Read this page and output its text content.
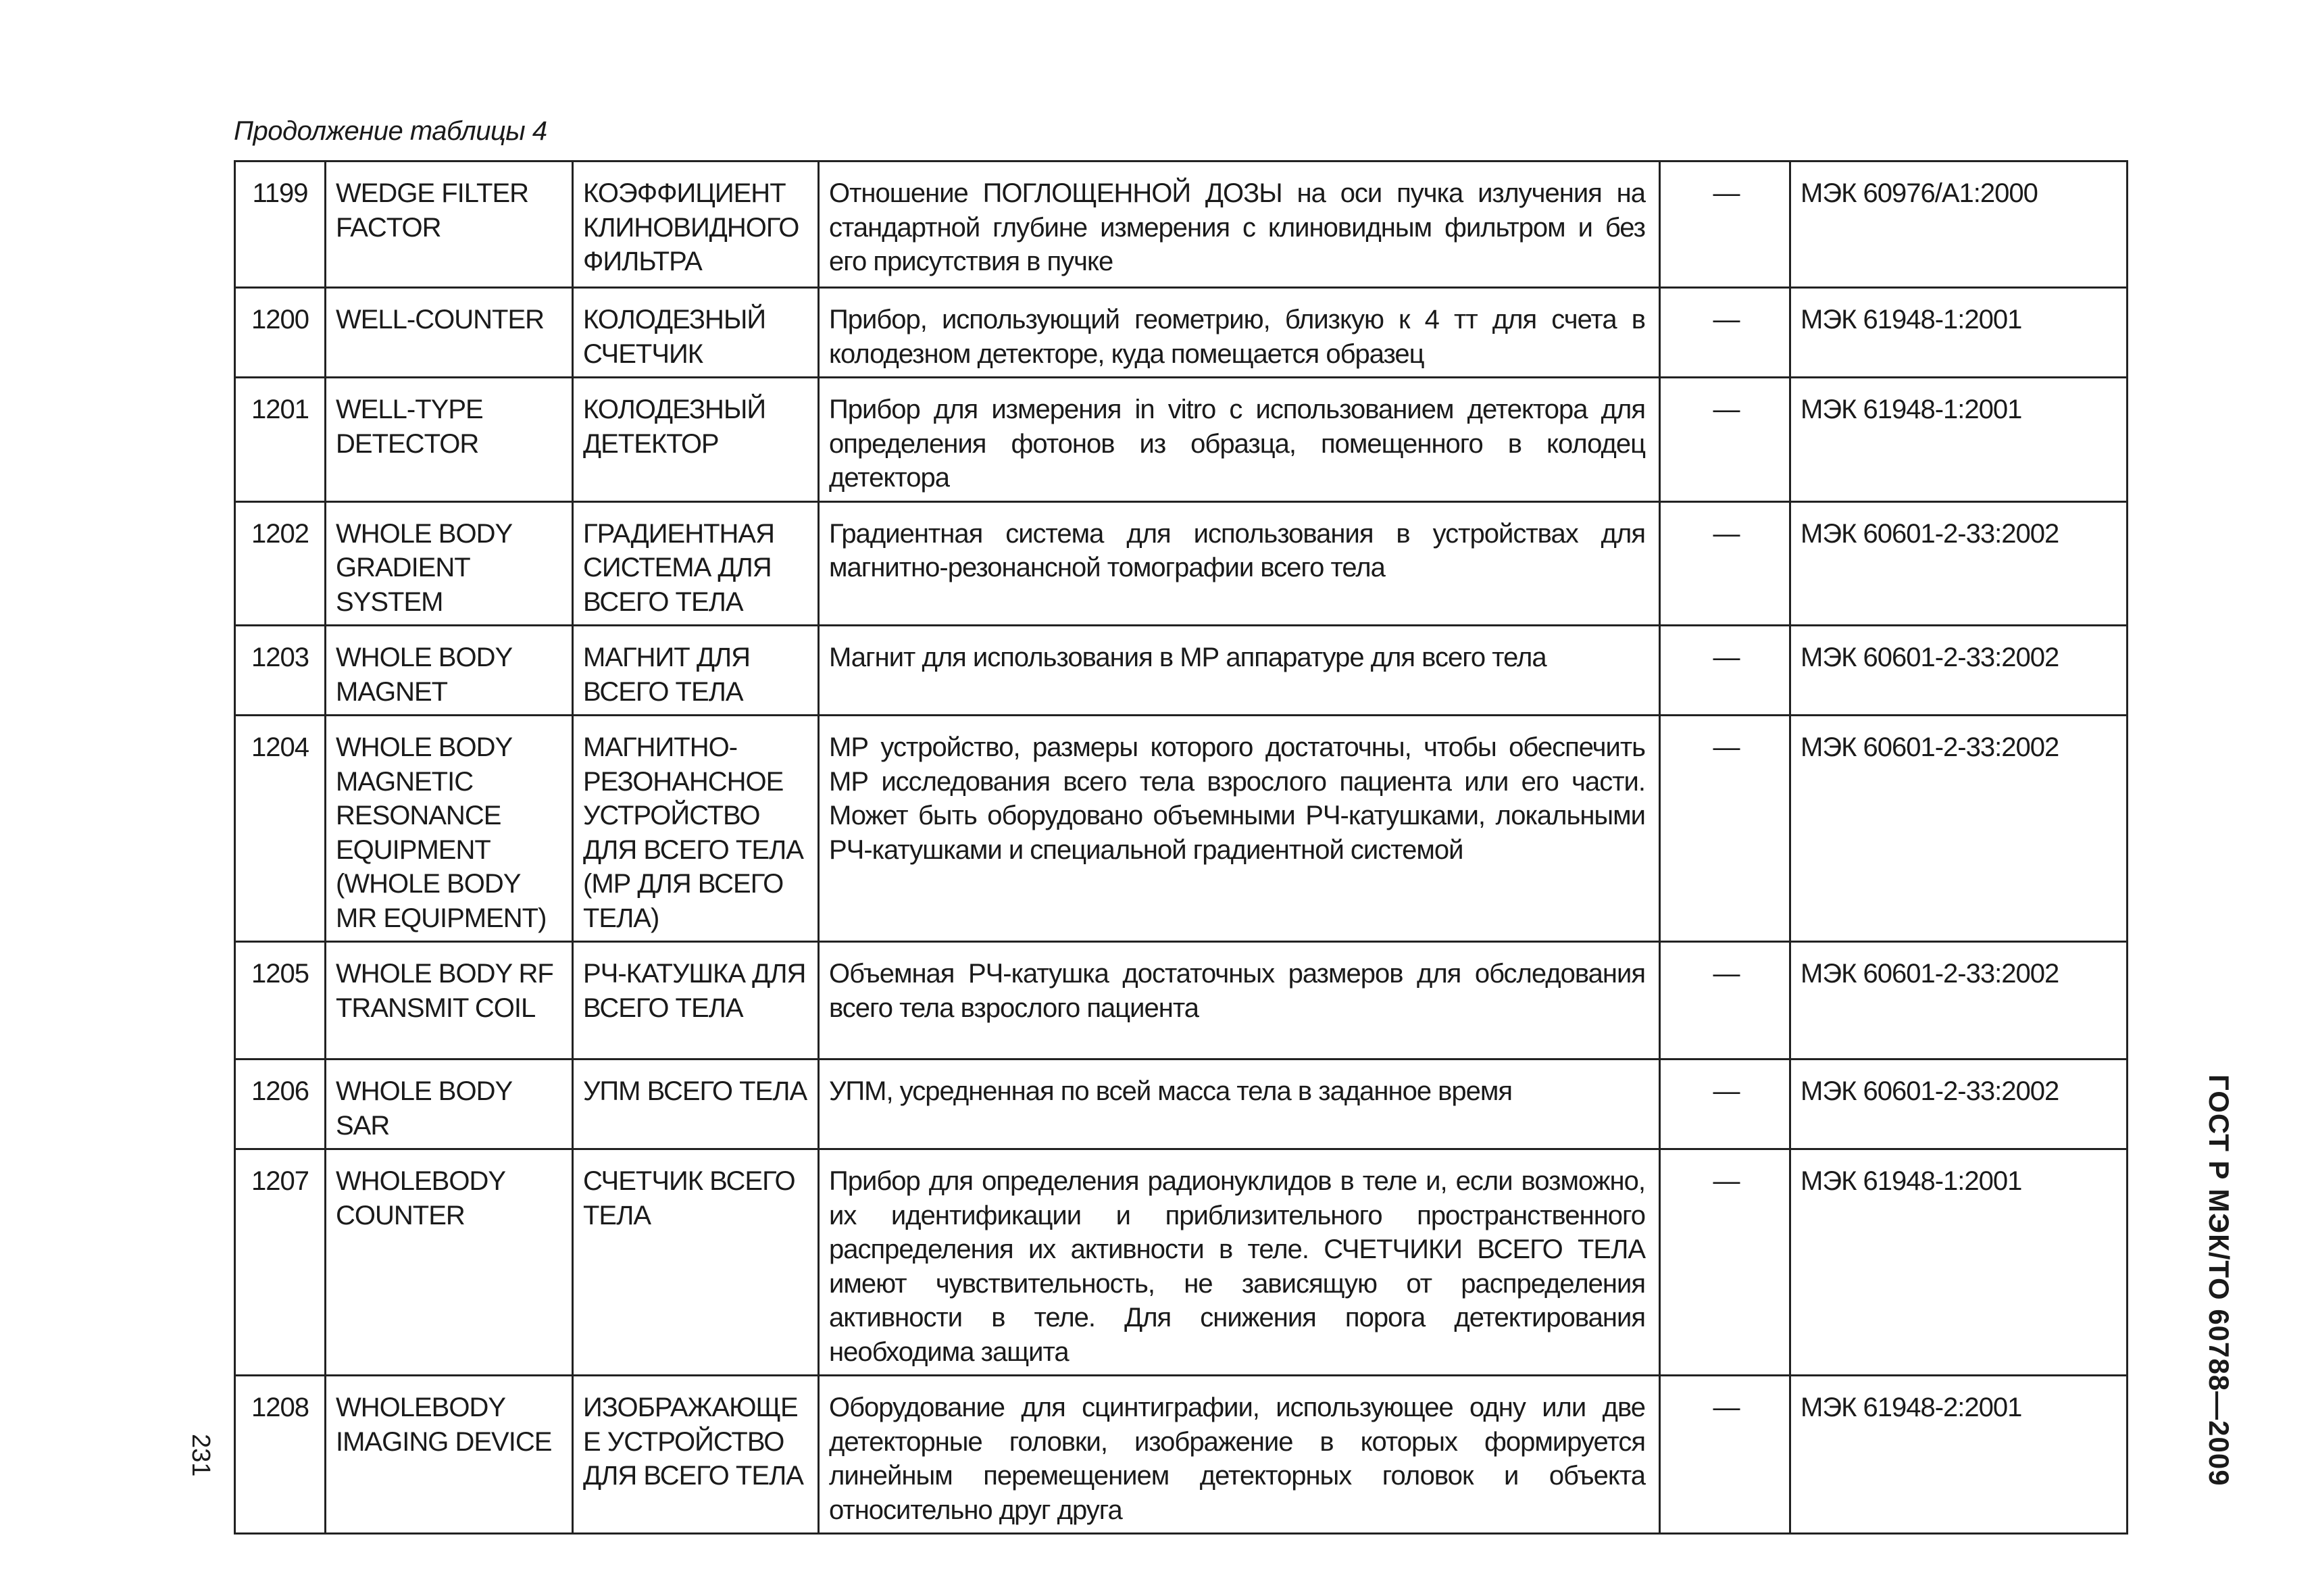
Продолжение таблицы 4
1199	WEDGE FILTER FACTOR	КОЭФФИЦИЕНТ КЛИНОВИДНОГО ФИЛЬТРА	Отношение ПОГЛОЩЕННОЙ ДОЗЫ на оси пучка излучения на стандартной глубине измерения с клиновидным фильтром и без его присутствия в пучке	—	МЭК 60976/А1:2000
1200	WELL-COUNTER	КОЛОДЕЗНЫЙ СЧЕТЧИК	Прибор, использующий геометрию, близкую к 4 тт для счета в колодезном детекторе, куда помещается образец	—	МЭК 61948-1:2001
1201	WELL-TYPE DETECTOR	КОЛОДЕЗНЫЙ ДЕТЕКТОР	Прибор для измерения in vitro с использованием детектора для определения фотонов из образца, помещенного в колодец детектора	—	МЭК 61948-1:2001
1202	WHOLE BODY GRADIENT SYSTEM	ГРАДИЕНТНАЯ СИСТЕМА ДЛЯ ВСЕГО ТЕЛА	Градиентная система для использования в устройствах для магнитно-резонансной томографии всего тела	—	МЭК 60601-2-33:2002
1203	WHOLE BODY MAGNET	МАГНИТ ДЛЯ ВСЕГО ТЕЛА	Магнит для использования в МР аппаратуре для всего тела	—	МЭК 60601-2-33:2002
1204	WHOLE BODY MAGNETIC RESONANCE EQUIPMENT (WHOLE BODY MR EQUIPMENT)	МАГНИТНО-РЕЗОНАНСНОЕ УСТРОЙСТВО ДЛЯ ВСЕГО ТЕЛА (МР ДЛЯ ВСЕГО ТЕЛА)	МР устройство, размеры которого достаточны, чтобы обеспечить МР исследования всего тела взрослого пациента или его части. Может быть оборудовано объемными РЧ-катушками, локальными РЧ-катушками и специальной градиентной системой	—	МЭК 60601-2-33:2002
1205	WHOLE BODY RF TRANSMIT COIL	РЧ-КАТУШКА ДЛЯ ВСЕГО ТЕЛА	Объемная РЧ-катушка достаточных размеров для обследования всего тела взрослого пациента	—	МЭК 60601-2-33:2002
1206	WHOLE BODY SAR	УПМ ВСЕГО ТЕЛА	УПМ, усредненная по всей масса тела в заданное время	—	МЭК 60601-2-33:2002
1207	WHOLEBODY COUNTER	СЧЕТЧИК ВСЕГО ТЕЛА	Прибор для определения радионуклидов в теле и, если возможно, их идентификации и приблизительного пространственного распределения их активности в теле. СЧЕТЧИКИ ВСЕГО ТЕЛА имеют чувствительность, не зависящую от распределения активности в теле. Для снижения порога детектирования необходима защита	—	МЭК 61948-1:2001
1208	WHOLEBODY IMAGING DEVICE	ИЗОБРАЖАЮЩЕЕ УСТРОЙСТВО ДЛЯ ВСЕГО ТЕЛА	Оборудование для сцинтиграфии, использующее одну или две детекторные головки, изображение в которых формируется линейным перемещением детекторных головок и объекта относительно друг друга	—	МЭК 61948-2:2001	ГОСТ Р МЭК/ТО 60788—2009
231
